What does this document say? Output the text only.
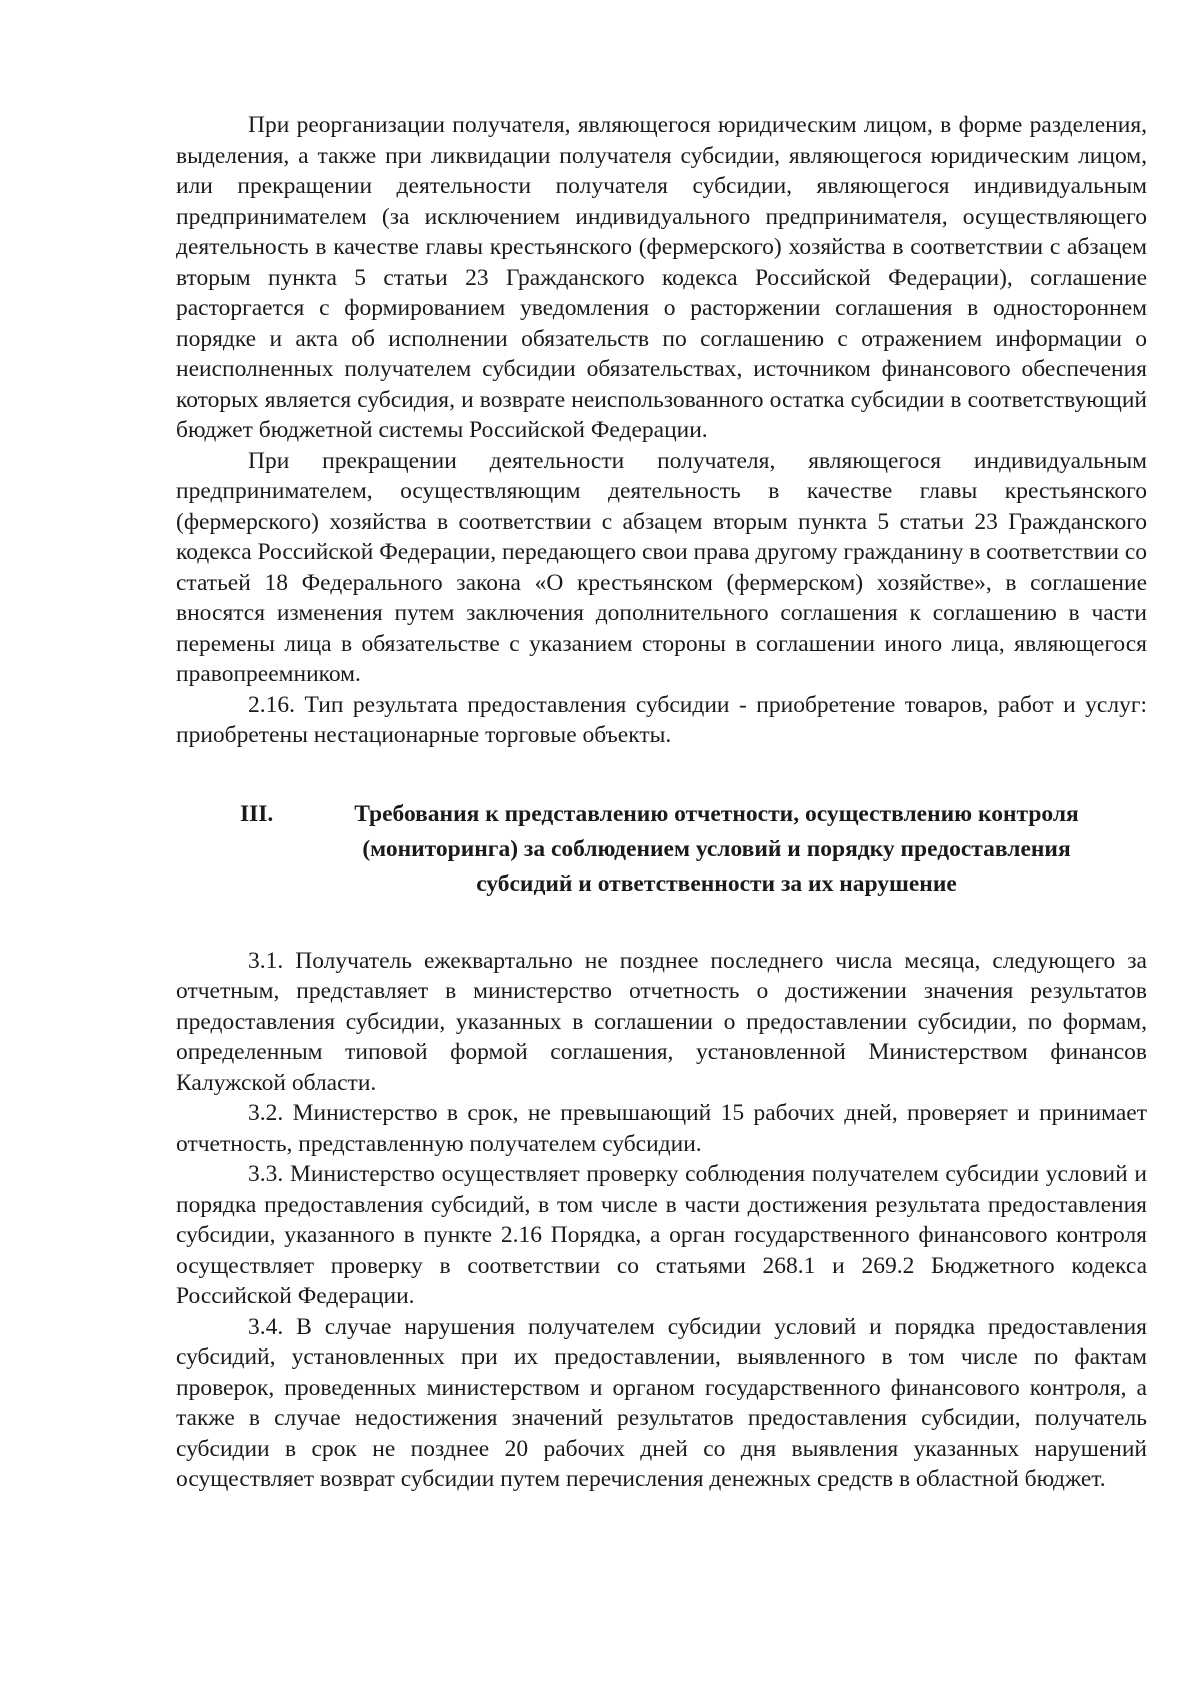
При реорганизации получателя, являющегося юридическим лицом, в форме разделения, выделения, а также при ликвидации получателя субсидии, являющегося юридическим лицом, или прекращении деятельности получателя субсидии, являющегося индивидуальным предпринимателем (за исключением индивидуального предпринимателя, осуществляющего деятельность в качестве главы крестьянского (фермерского) хозяйства в соответствии с абзацем вторым пункта 5 статьи 23 Гражданского кодекса Российской Федерации), соглашение расторгается с формированием уведомления о расторжении соглашения в одностороннем порядке и акта об исполнении обязательств по соглашению с отражением информации о неисполненных получателем субсидии обязательствах, источником финансового обеспечения которых является субсидия, и возврате неиспользованного остатка субсидии в соответствующий бюджет бюджетной системы Российской Федерации.

При прекращении деятельности получателя, являющегося индивидуальным предпринимателем, осуществляющим деятельность в качестве главы крестьянского (фермерского) хозяйства в соответствии с абзацем вторым пункта 5 статьи 23 Гражданского кодекса Российской Федерации, передающего свои права другому гражданину в соответствии со статьей 18 Федерального закона «О крестьянском (фермерском) хозяйстве», в соглашение вносятся изменения путем заключения дополнительного соглашения к соглашению в части перемены лица в обязательстве с указанием стороны в соглашении иного лица, являющегося правопреемником.

2.16. Тип результата предоставления субсидии - приобретение товаров, работ и услуг: приобретены нестационарные торговые объекты.

III.	Требования к представлению отчетности, осуществлению контроля
(мониторинга) за соблюдением условий и порядку предоставления
субсидий и ответственности за их нарушение

3.1. Получатель ежеквартально не позднее последнего числа месяца, следующего за отчетным, представляет в министерство отчетность о достижении значения результатов предоставления субсидии, указанных в соглашении о предоставлении субсидии, по формам, определенным типовой формой соглашения, установленной Министерством финансов Калужской области.

3.2. Министерство в срок, не превышающий 15 рабочих дней, проверяет и принимает отчетность, представленную получателем субсидии.

3.3. Министерство осуществляет проверку соблюдения получателем субсидии условий и порядка предоставления субсидий, в том числе в части достижения результата предоставления субсидии, указанного в пункте 2.16 Порядка, а орган государственного финансового контроля осуществляет проверку в соответствии со статьями 268.1 и 269.2 Бюджетного кодекса Российской Федерации.

3.4. В случае нарушения получателем субсидии условий и порядка предоставления субсидий, установленных при их предоставлении, выявленного в том числе по фактам проверок, проведенных министерством и органом государственного финансового контроля, а также в случае недостижения значений результатов предоставления субсидии, получатель субсидии в срок не позднее 20 рабочих дней со дня выявления указанных нарушений осуществляет возврат субсидии путем перечисления денежных средств в областной бюджет.
